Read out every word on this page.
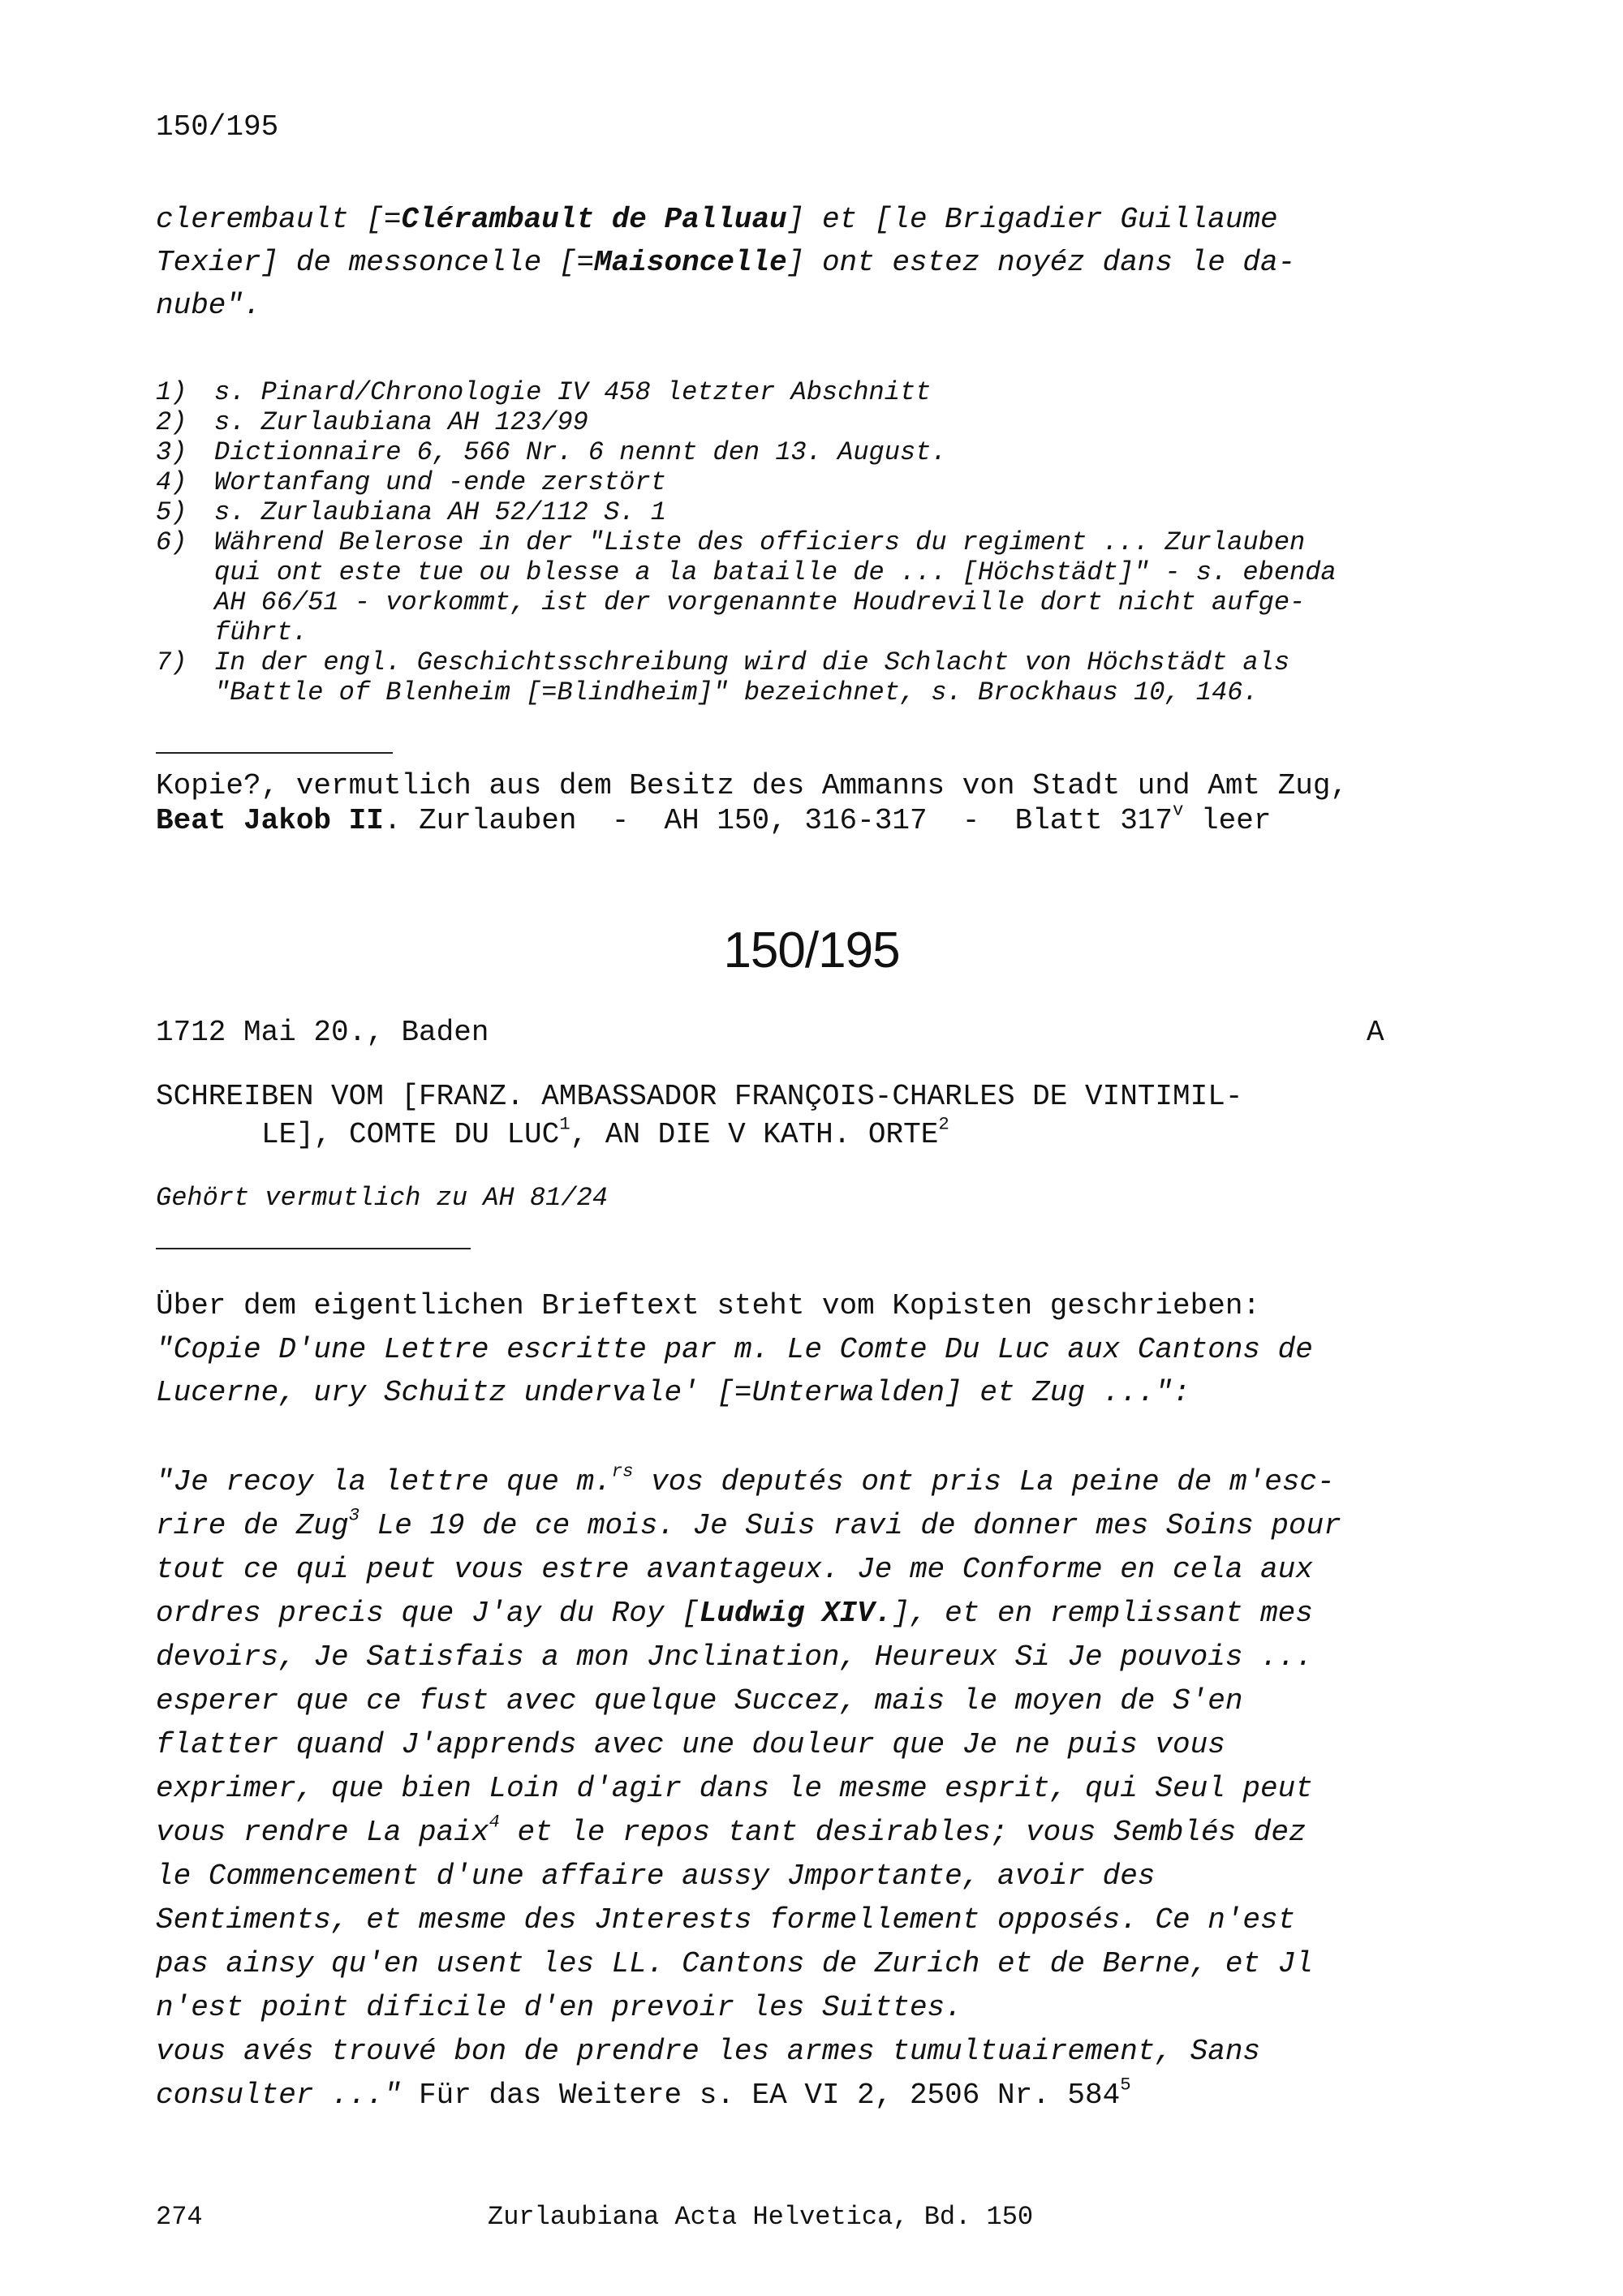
150/195
clerembault [=Clérambault de Palluau] et [le Brigadier Guillaume
Texier] de messoncelle [=Maisoncelle] ont estez noyéz dans le da-
nube".
1) s. Pinard/Chronologie IV 458 letzter Abschnitt
2) s. Zurlaubiana AH 123/99
3) Dictionnaire 6, 566 Nr. 6 nennt den 13. August.
4) Wortanfang und -ende zerstört
5) s. Zurlaubiana AH 52/112 S. 1
6) Während Belerose in der "Liste des officiers du regiment ... Zurlauben
qui ont este tue ou blesse a la bataille de ... [Höchstädt]" - s. ebenda
AH 66/51 - vorkommt, ist der vorgenannte Houdreville dort nicht aufge-
führt.
7) In der engl. Geschichtsschreibung wird die Schlacht von Höchstädt als
"Battle of Blenheim [=Blindheim]" bezeichnet, s. Brockhaus 10, 146.
Kopie?, vermutlich aus dem Besitz des Ammanns von Stadt und Amt Zug,
Beat Jakob II. Zurlauben  -  AH 150, 316-317  -  Blatt 317$^v$ leer
150/195
1712 Mai 20., Baden	A
SCHREIBEN VOM [FRANZ. AMBASSADOR FRANÇOIS-CHARLES DE VINTIMIL-
LE], COMTE DU LUC$^1$, AN DIE V KATH. ORTE$^2$
Gehört vermutlich zu AH 81/24
Über dem eigentlichen Brieftext steht vom Kopisten geschrieben:
"Copie D'une Lettre escritte par m. Le Comte Du Luc aux Cantons de
Lucerne, ury Schuitz undervale' [=Unterwalden] et Zug ...":
"Je recoy la lettre que m.$^{rs}$ vos deputés ont pris La peine de m'esc-
rire de Zug$^3$ Le 19 de ce mois. Je Suis ravi de donner mes Soins pour
tout ce qui peut vous estre avantageux. Je me Conforme en cela aux
ordres precis que J'ay du Roy [Ludwig XIV.], et en remplissant mes
devoirs, Je Satisfais a mon Jnclination, Heureux Si Je pouvois ...
esperer que ce fust avec quelque Succez, mais le moyen de S'en
flatter quand J'apprends avec une douleur que Je ne puis vous
exprimer, que bien Loin d'agir dans le mesme esprit, qui Seul peut
vous rendre La paix$^4$ et le repos tant desirables; vous Semblés dez
le Commencement d'une affaire aussy Jmportante, avoir des
Sentiments, et mesme des Jnterests formellement opposés. Ce n'est
pas ainsy qu'en usent les LL. Cantons de Zurich et de Berne, et Jl
n'est point dificile d'en prevoir les Suittes.
vous avés trouvé bon de prendre les armes tumultuairement, Sans
consulter ..." Für das Weitere s. EA VI 2, 2506 Nr. $584^5$
274	Zurlaubiana Acta Helvetica, Bd. 150
